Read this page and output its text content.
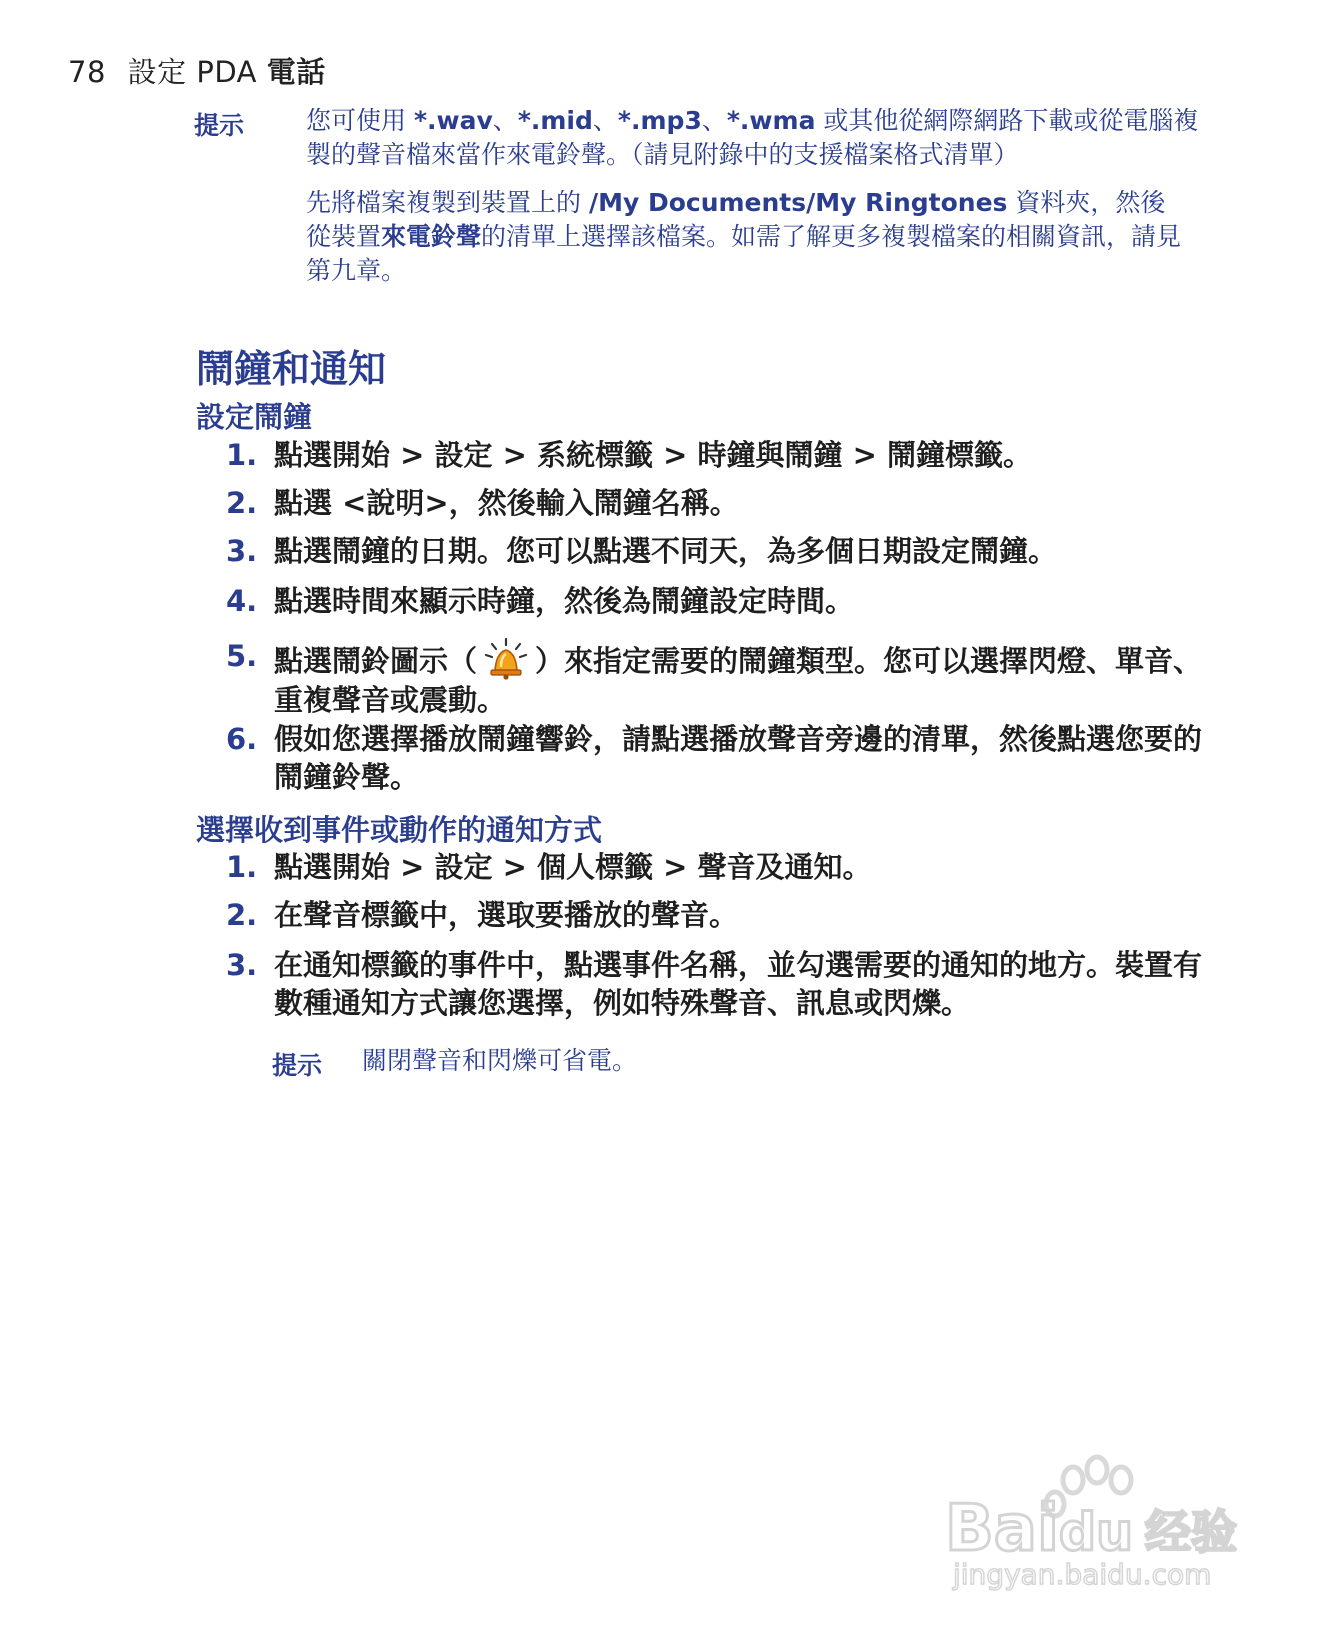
78 設定 PDA 電話
提示 您可使用 *.wav、*.mid、*.mp3、*.wma 或其他從網際網路下載或從電腦複製的聲音檔來當作來電鈴聲。（請見附錄中的支援檔案格式清單）
先將檔案複製到裝置上的 /My Documents/My Ringtones 資料夾，然後從裝置來電鈴聲的清單上選擇該檔案。如需了解更多複製檔案的相關資訊，請見第九章。
鬧鐘和通知
設定鬧鐘
1. 點選開始 > 設定 > 系統標籤 > 時鐘與鬧鐘 > 鬧鐘標籤。
2. 點選 <說明>，然後輸入鬧鐘名稱。
3. 點選鬧鐘的日期。您可以點選不同天，為多個日期設定鬧鐘。
4. 點選時間來顯示時鐘，然後為鬧鐘設定時間。
5. 點選鬧鈴圖示（ ）來指定需要的鬧鐘類型。您可以選擇閃燈、單音、重複聲音或震動。
6. 假如您選擇播放鬧鐘響鈴，請點選播放聲音旁邊的清單，然後點選您要的鬧鐘鈴聲。
選擇收到事件或動作的通知方式
1. 點選開始 > 設定 > 個人標籤 > 聲音及通知。
2. 在聲音標籤中，選取要播放的聲音。
3. 在通知標籤的事件中，點選事件名稱，並勾選需要的通知的地方。裝置有數種通知方式讓您選擇，例如特殊聲音、訊息或閃爍。
提示 關閉聲音和閃爍可省電。
Baidu 经验
jingyan.baidu.com
